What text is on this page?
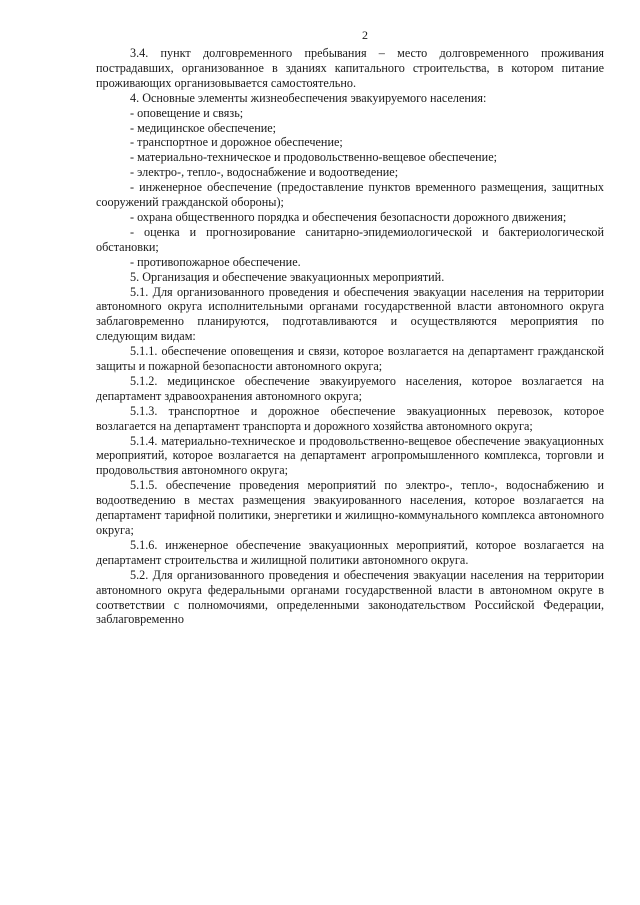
2

3.4. пункт долговременного пребывания – место долговременного проживания пострадавших, организованное в зданиях капитального строительства, в котором питание проживающих организовывается самостоятельно.

4. Основные элементы жизнеобеспечения эвакуируемого населения:

- оповещение и связь;

- медицинское обеспечение;

- транспортное и дорожное обеспечение;

- материально-техническое и продовольственно-вещевое обеспечение;

- электро-, тепло-, водоснабжение и водоотведение;

- инженерное обеспечение (предоставление пунктов временного размещения, защитных сооружений гражданской обороны);

- охрана общественного порядка и обеспечения безопасности дорожного движения;

- оценка и прогнозирование санитарно-эпидемиологической и бактериологической обстановки;

- противопожарное обеспечение.

5. Организация и обеспечение эвакуационных мероприятий.

5.1. Для организованного проведения и обеспечения эвакуации населения на территории автономного округа исполнительными органами государственной власти автономного округа заблаговременно планируются, подготавливаются и осуществляются мероприятия по следующим видам:

5.1.1. обеспечение оповещения и связи, которое возлагается на департамент гражданской защиты и пожарной безопасности автономного округа;

5.1.2. медицинское обеспечение эвакуируемого населения, которое возлагается на департамент здравоохранения автономного округа;

5.1.3. транспортное и дорожное обеспечение эвакуационных перевозок, которое возлагается на департамент транспорта и дорожного хозяйства автономного округа;

5.1.4. материально-техническое и продовольственно-вещевое обеспечение эвакуационных мероприятий, которое возлагается на департамент агропромышленного комплекса, торговли и продовольствия автономного округа;

5.1.5. обеспечение проведения мероприятий по электро-, тепло-, водоснабжению и водоотведению в местах размещения эвакуированного населения, которое возлагается на департамент тарифной политики, энергетики и жилищно-коммунального комплекса автономного округа;

5.1.6. инженерное обеспечение эвакуационных мероприятий, которое возлагается на департамент строительства и жилищной политики автономного округа.

5.2. Для организованного проведения и обеспечения эвакуации населения на территории автономного округа федеральными органами государственной власти в автономном округе в соответствии с полномочиями, определенными законодательством Российской Федерации, заблаговременно
